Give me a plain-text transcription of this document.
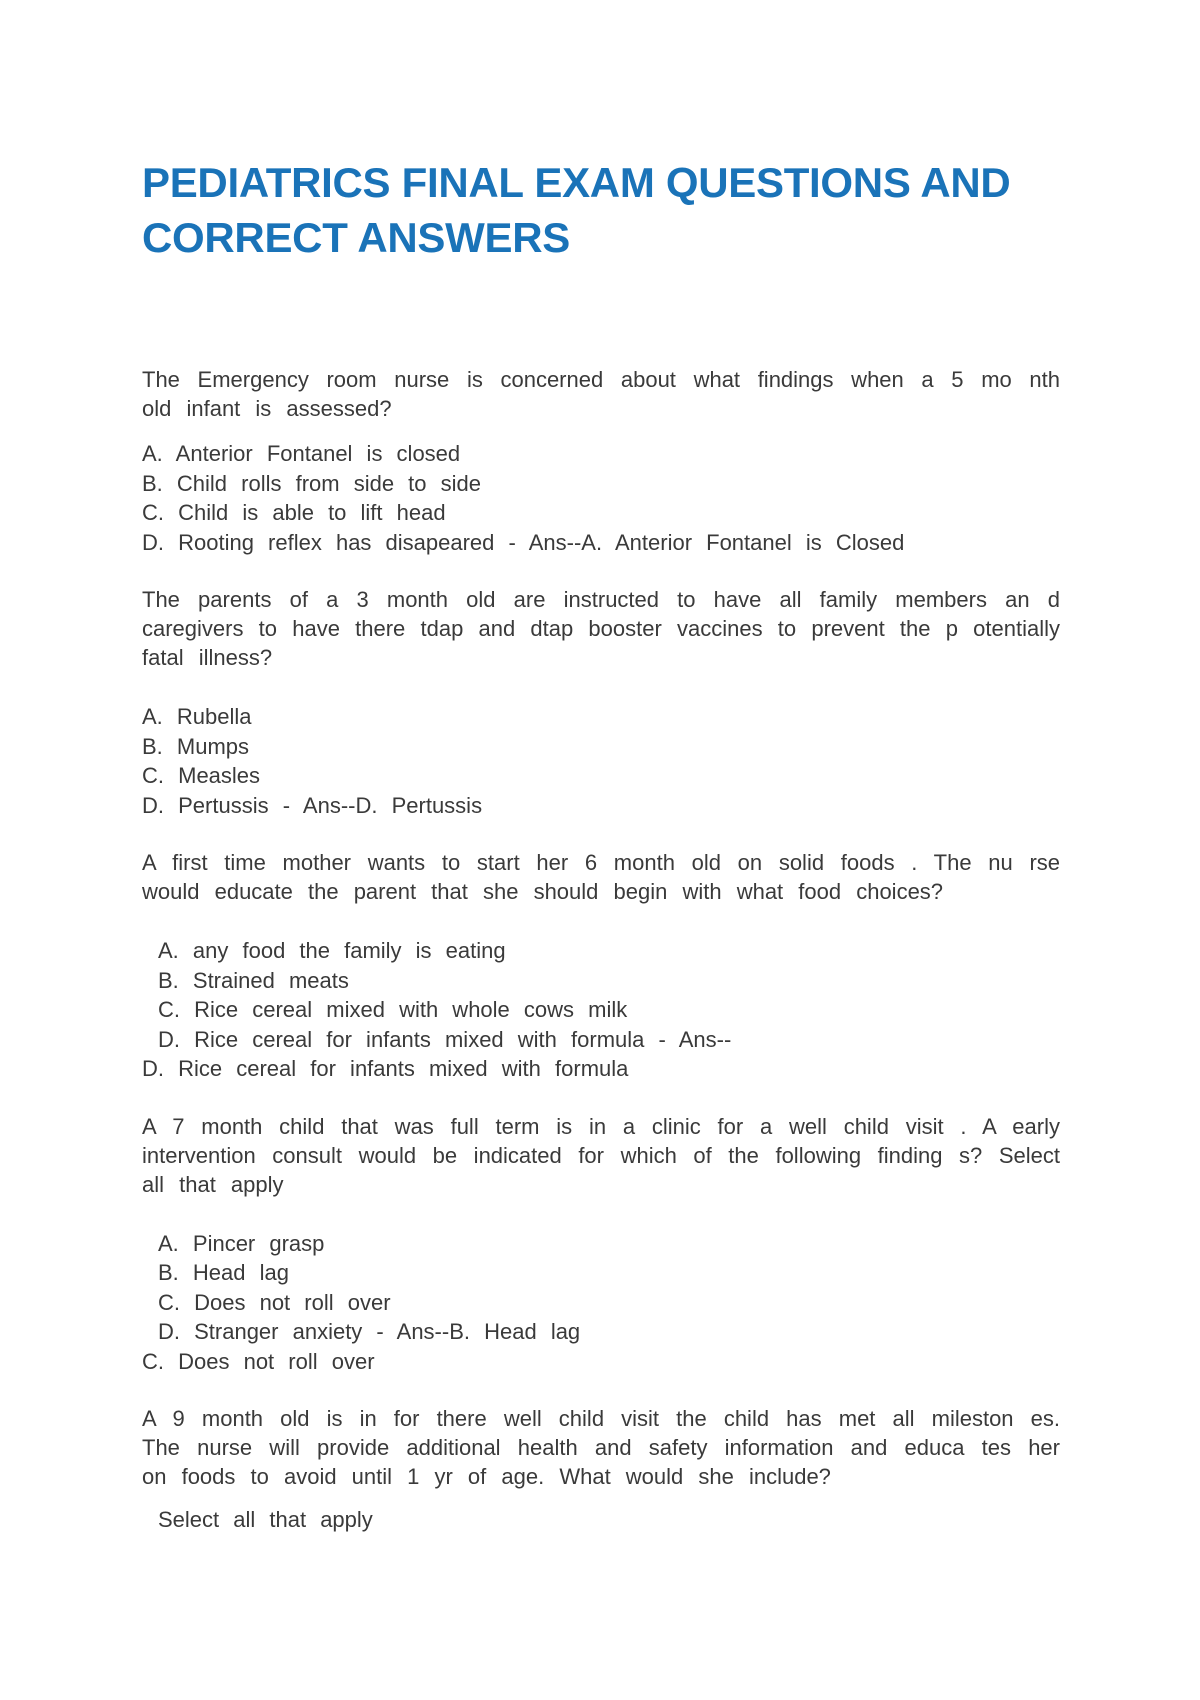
PEDIATRICS FINAL EXAM QUESTIONS AND CORRECT ANSWERS

The Emergency room nurse is concerned about what findings when a 5 mo nth old infant is assessed?

A. Anterior Fontanel is closed
B. Child rolls from side to side
C. Child is able to lift head
D. Rooting reflex has disapeared - Ans--A. Anterior Fontanel is Closed

The parents of a 3 month old are instructed to have all family members an d caregivers to have there tdap and dtap booster vaccines to prevent the p otentially fatal illness?

A. Rubella
B. Mumps
C. Measles
D. Pertussis - Ans--D. Pertussis

A first time mother wants to start her 6 month old on solid foods . The nu rse would educate the parent that she should begin with what food choices?

A. any food the family is eating
B. Strained meats
C. Rice cereal mixed with whole cows milk
D. Rice cereal for infants mixed with formula - Ans--
D. Rice cereal for infants mixed with formula

A 7 month child that was full term is in a clinic for a well child visit . A early intervention consult would be indicated for which of the following finding s? Select all that apply

A. Pincer grasp
B. Head lag
C. Does not roll over
D. Stranger anxiety - Ans--B. Head lag
C. Does not roll over

A 9 month old is in for there well child visit the child has met all mileston es. The nurse will provide additional health and safety information and educa tes her on foods to avoid until 1 yr of age. What would she include?

Select all that apply
